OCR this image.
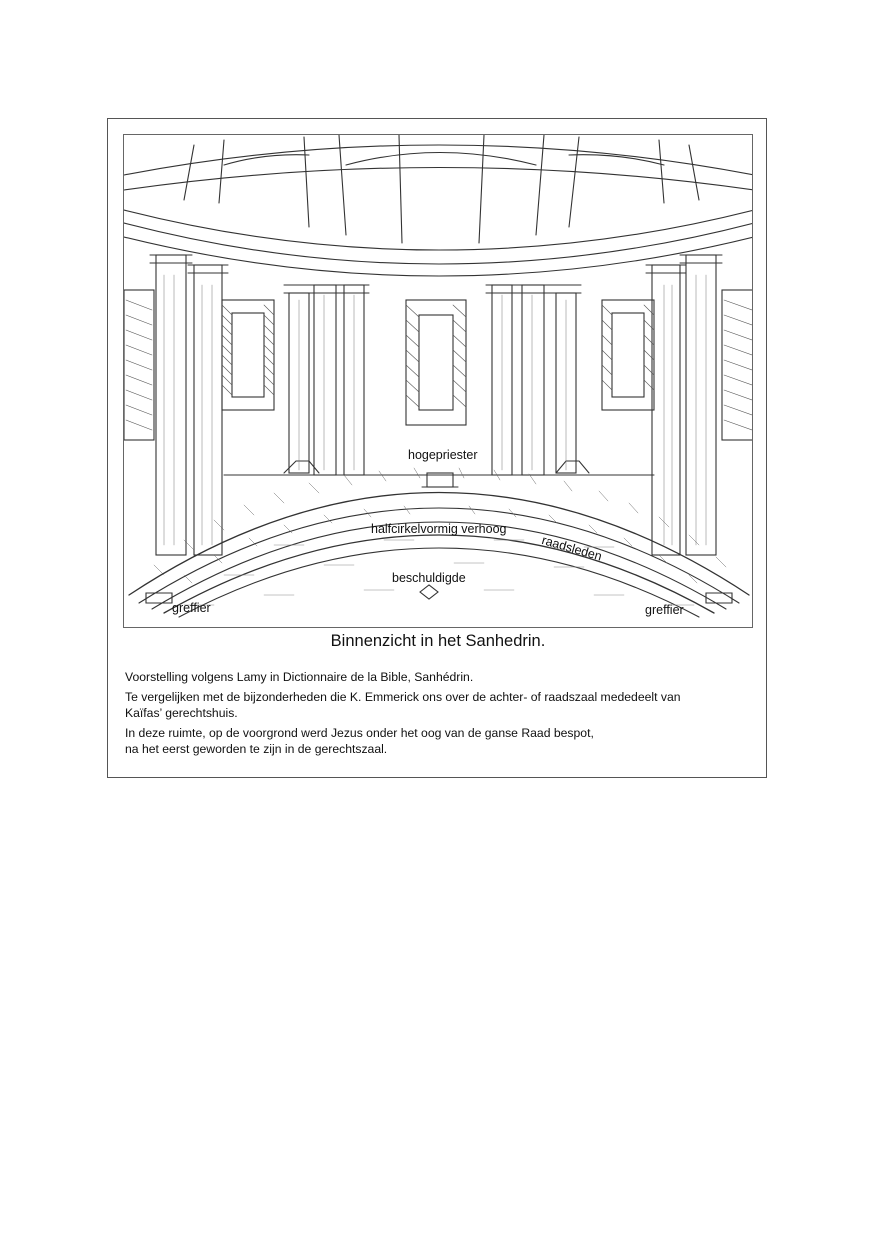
hogepriester
halfcirkelvormig verhoog
raadsleden
beschuldigde
greffier	greffier
Binnenzicht in het Sanhedrin.

Voorstelling volgens Lamy in Dictionnaire de la Bible, Sanhédrin.

Te vergelijken met de bijzonderheden die K. Emmerick ons over de achter- of raadszaal mededeelt van
Kaïfas’ gerechtshuis.

In deze ruimte, op de voorgrond werd Jezus onder het oog van de ganse Raad bespot,
na het eerst geworden te zijn in de gerechtszaal.
